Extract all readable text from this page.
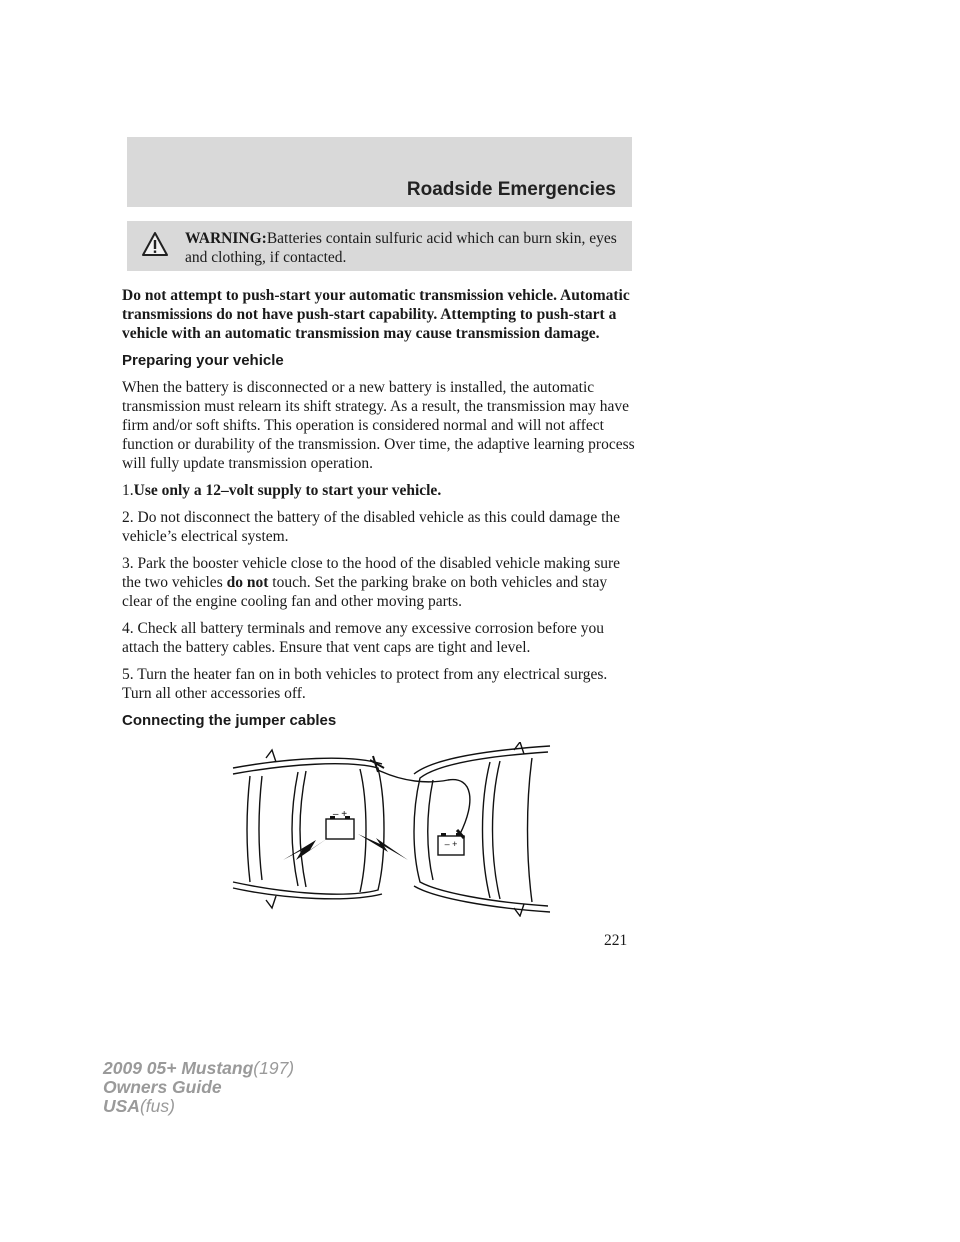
Roadside Emergencies
WARNING:Batteries contain sulfuric acid which can burn skin, eyes and clothing, if contacted.

Do not attempt to push-start your automatic transmission vehicle. Automatic transmissions do not have push-start capability. Attempting to push-start a vehicle with an automatic transmission may cause transmission damage.

Preparing your vehicle

When the battery is disconnected or a new battery is installed, the automatic transmission must relearn its shift strategy. As a result, the transmission may have firm and/or soft shifts. This operation is considered normal and will not affect function or durability of the transmission. Over time, the adaptive learning process will fully update transmission operation.

1.Use only a 12–volt supply to start your vehicle.

2. Do not disconnect the battery of the disabled vehicle as this could damage the vehicle’s electrical system.

3. Park the booster vehicle close to the hood of the disabled vehicle making sure the two vehicles do not touch. Set the parking brake on both vehicles and stay clear of the engine cooling fan and other moving parts.

4. Check all battery terminals and remove any excessive corrosion before you attach the battery cables. Ensure that vent caps are tight and level.

5. Turn the heater fan on in both vehicles to protect from any electrical surges. Turn all other accessories off.

Connecting the jumper cables

– +
– +
221
2009 05+ Mustang(197)
Owners Guide
USA(fus)
